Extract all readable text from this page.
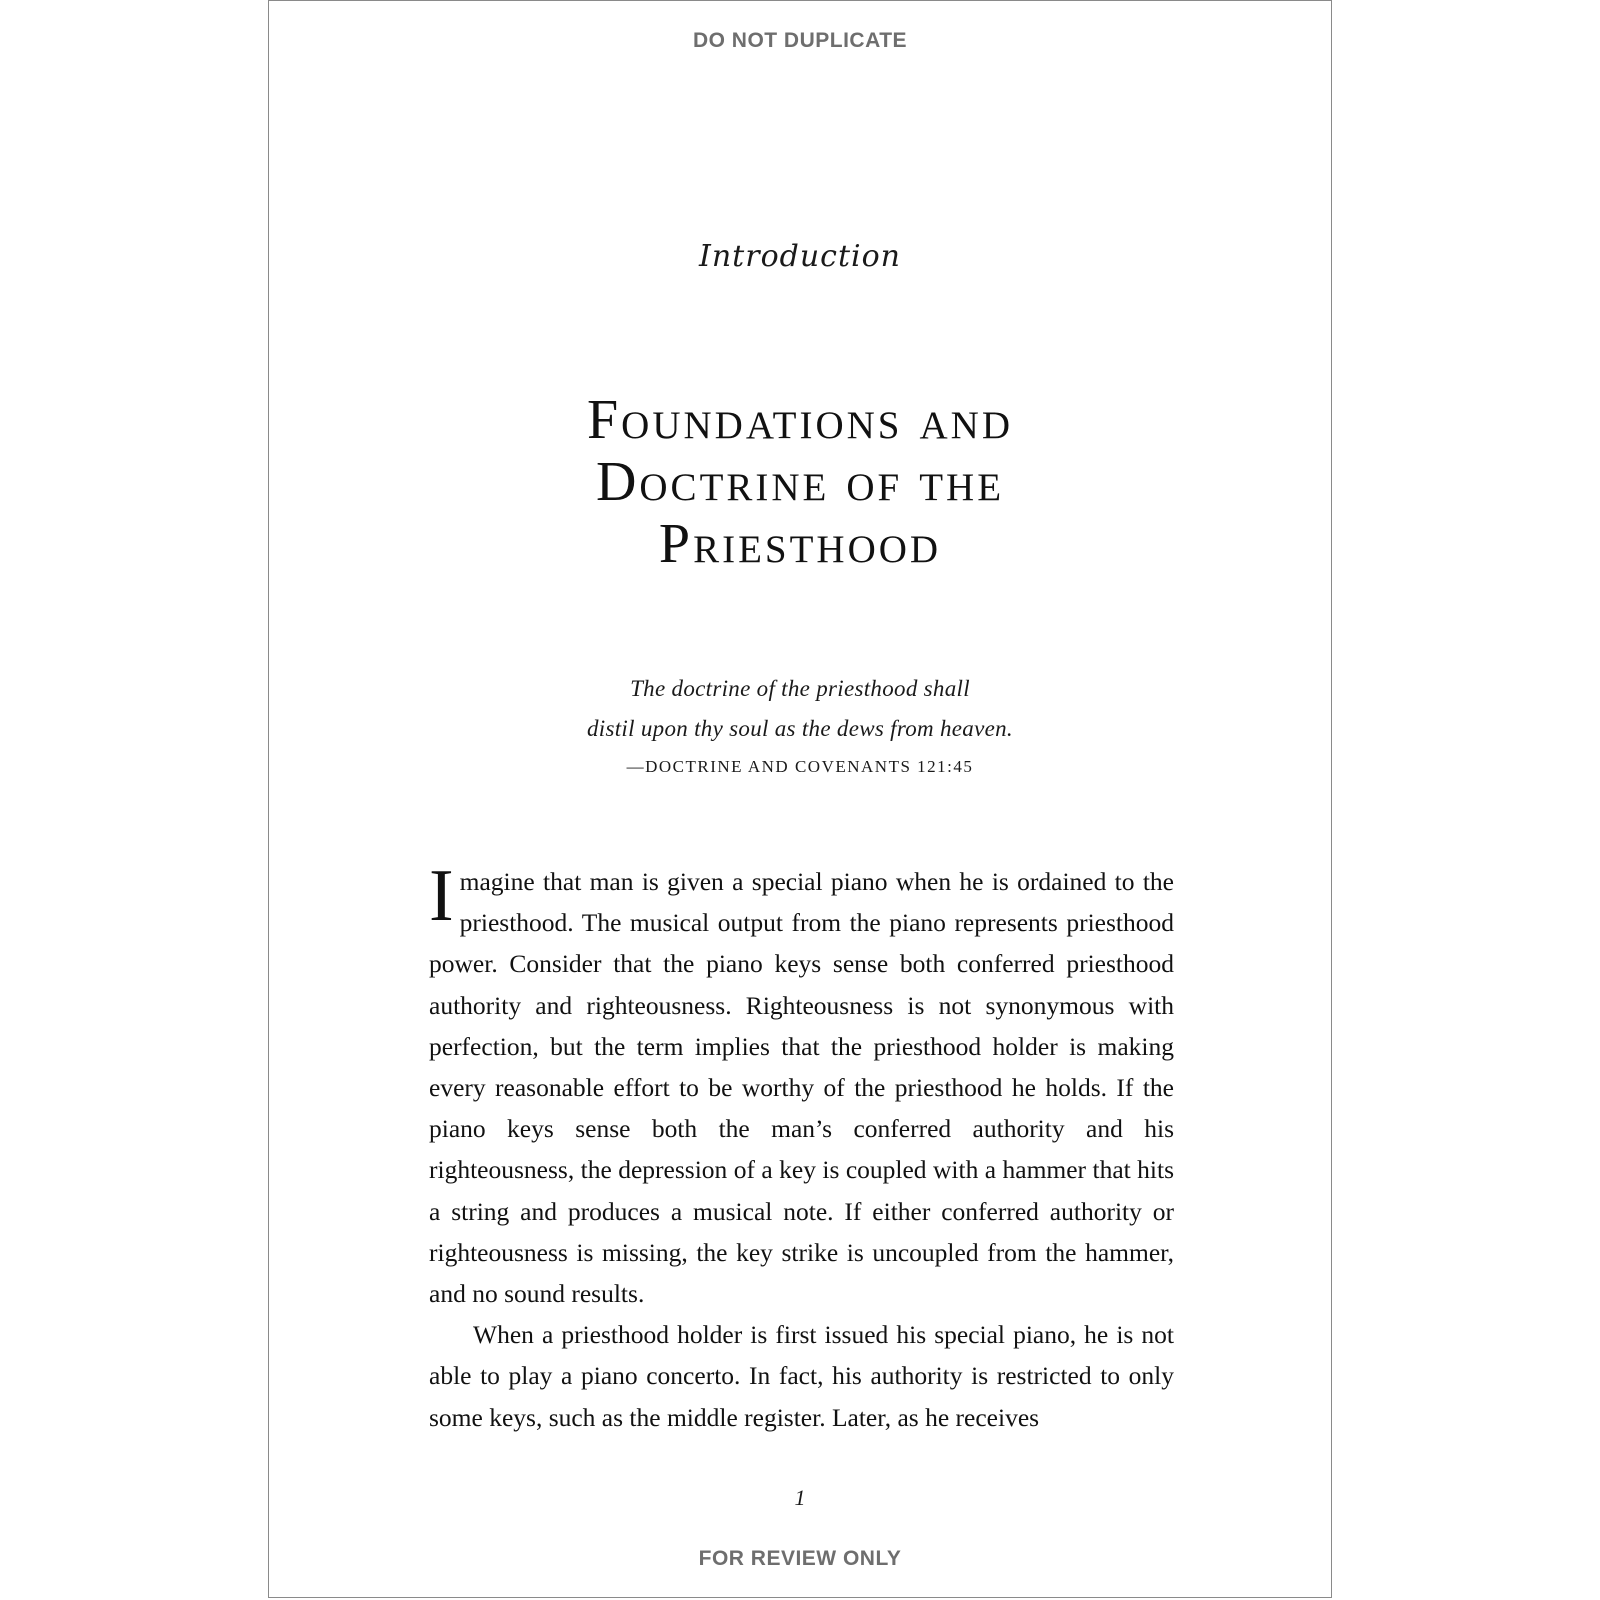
DO NOT DUPLICATE
Introduction
Foundations and
Doctrine of the
Priesthood
The doctrine of the priesthood shall
distil upon thy soul as the dews from heaven.
—DOCTRINE AND COVENANTS 121:45

Imagine that man is given a special piano when he is ordained to the priesthood. The musical output from the piano represents priesthood power. Consider that the piano keys sense both conferred priesthood authority and righteousness. Righteousness is not synonymous with perfection, but the term implies that the priesthood holder is making every reasonable effort to be worthy of the priesthood he holds. If the piano keys sense both the man’s conferred authority and his righteousness, the depression of a key is coupled with a hammer that hits a string and produces a musical note. If either conferred authority or righteousness is missing, the key strike is uncoupled from the hammer, and no sound results.

When a priesthood holder is first issued his special piano, he is not able to play a piano concerto. In fact, his authority is restricted to only some keys, such as the middle register. Later, as he receives

1
FOR REVIEW ONLY
